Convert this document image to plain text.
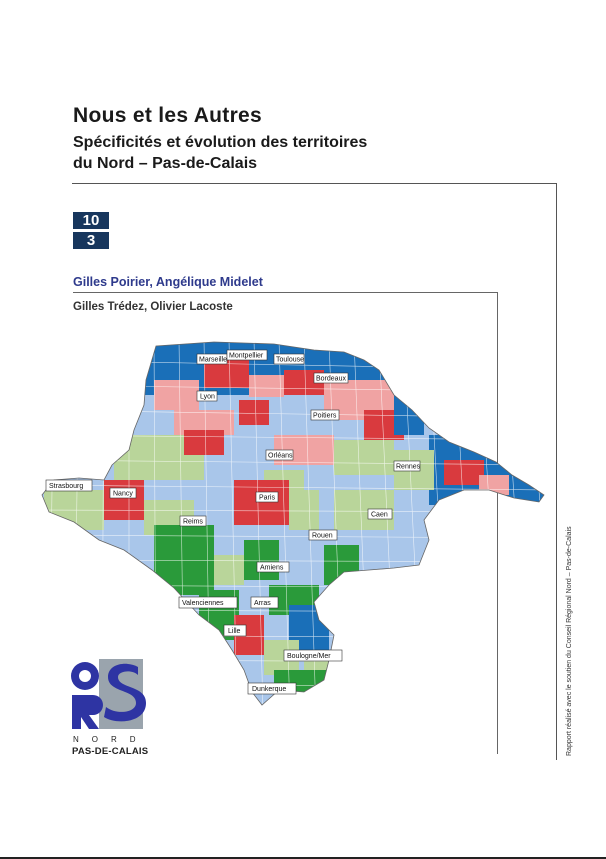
Nous et les Autres
Spécificités et évolution des territoires
du Nord – Pas-de-Calais
10
3
Gilles Poirier, Angélique Midelet
Gilles Trédez, Olivier Lacoste
Marseille
Montpellier
Toulouse
Bordeaux
Lyon
Poitiers
Orléans
Rennes
Strasbourg
Nancy
Paris
Caen
Reims
Rouen
Amiens
Valenciennes	Arras
Lille
Boulogne/Mer
Dunkerque	Rapport réalisé avec le soutien du Conseil Régional Nord – Pas-de-Calais
NORD
PAS-DE-CALAIS
